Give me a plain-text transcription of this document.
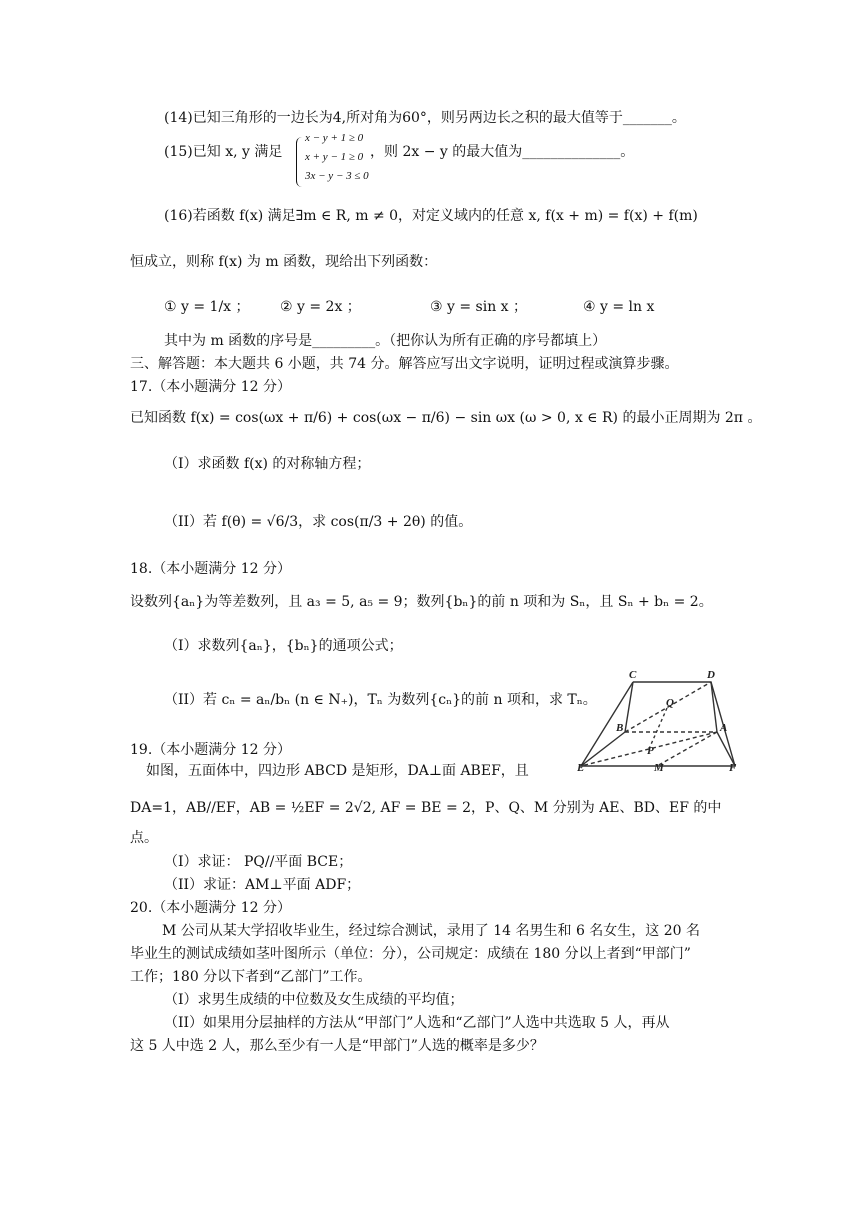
(14)已知三角形的一边长为4,所对角为60°，则另两边长之积的最大值等于_______。
(15)已知 x, y 满足
x − y + 1 ≥ 0
x + y − 1 ≥ 0
3x − y − 3 ≤ 0
，则 2x − y 的最大值为______________。
(16)若函数 f(x) 满足∃m ∈ R, m ≠ 0，对定义域内的任意 x, f(x + m) = f(x) + f(m)
恒成立，则称 f(x) 为 m 函数，现给出下列函数：
① y = 1/x ； ② y = 2x ；	③ y = sin x ；	④ y = ln x
其中为 m 函数的序号是_________。（把你认为所有正确的序号都填上）
三、解答题：本大题共 6 小题，共 74 分。解答应写出文字说明，证明过程或演算步骤。
17.（本小题满分 12 分）
已知函数 f(x) = cos(ωx + π/6) + cos(ωx − π/6) − sin ωx (ω > 0, x ∈ R) 的最小正周期为 2π 。
（I）求函数 f(x) 的对称轴方程；
（II）若 f(θ) = √6/3，求 cos(π/3 + 2θ) 的值。
18.（本小题满分 12 分）
设数列{aₙ}为等差数列，且 a₃ = 5, a₅ = 9；数列{bₙ}的前 n 项和为 Sₙ，且 Sₙ + bₙ = 2。
（I）求数列{aₙ}，{bₙ}的通项公式；
（II）若 cₙ = aₙ/bₙ (n ∈ N₊)，Tₙ 为数列{cₙ}的前 n 项和，求 Tₙ。
C	D
Q
B	A
P
E	M	F
19.（本小题满分 12 分）
如图，五面体中，四边形 ABCD 是矩形，DA⊥面 ABEF，且
DA=1，AB//EF，AB = ½EF = 2√2, AF = BE = 2，P、Q、M 分别为 AE、BD、EF 的中
点。
（I）求证： PQ//平面 BCE；
（II）求证：AM⊥平面 ADF；
20.（本小题满分 12 分）
M 公司从某大学招收毕业生，经过综合测试，录用了 14 名男生和 6 名女生，这 20 名
毕业生的测试成绩如茎叶图所示（单位：分），公司规定：成绩在 180 分以上者到“甲部门”
工作；180 分以下者到“乙部门”工作。
（I）求男生成绩的中位数及女生成绩的平均值；
（II）如果用分层抽样的方法从“甲部门”人选和“乙部门”人选中共选取 5 人，再从
这 5 人中选 2 人，那么至少有一人是“甲部门”人选的概率是多少？
